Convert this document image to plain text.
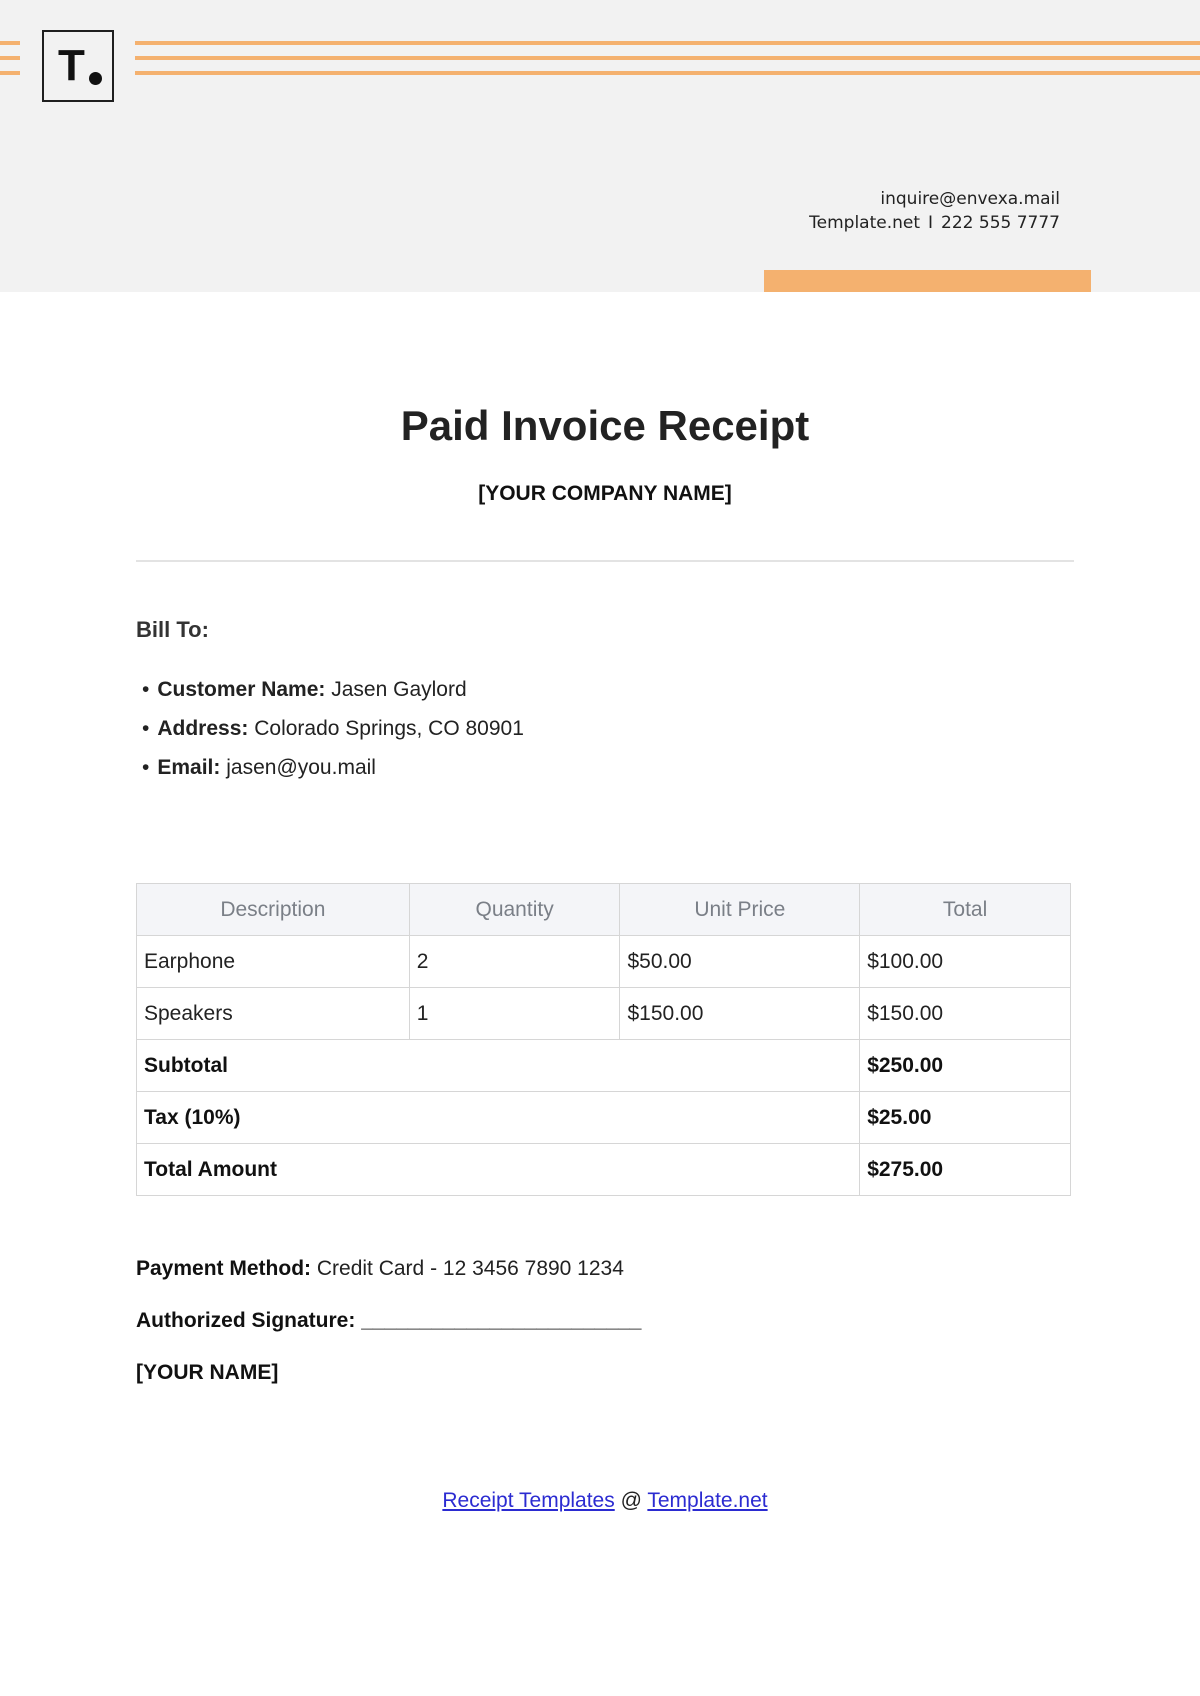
T
inquire@envexa.mail
Template.net I 222 555 7777
Paid Invoice Receipt
[YOUR COMPANY NAME]
Bill To:
• Customer Name: Jasen Gaylord
• Address: Colorado Springs, CO 80901
• Email: jasen@you.mail
Description	Quantity	Unit Price	Total
Earphone	2	$50.00	$100.00
Speakers	1	$150.00	$150.00
Subtotal			$250.00
Tax (10%)			$25.00
Total Amount			$275.00
Payment Method: Credit Card - 12 3456 7890 1234
Authorized Signature: ________________________
[YOUR NAME]
Receipt Templates @ Template.net
